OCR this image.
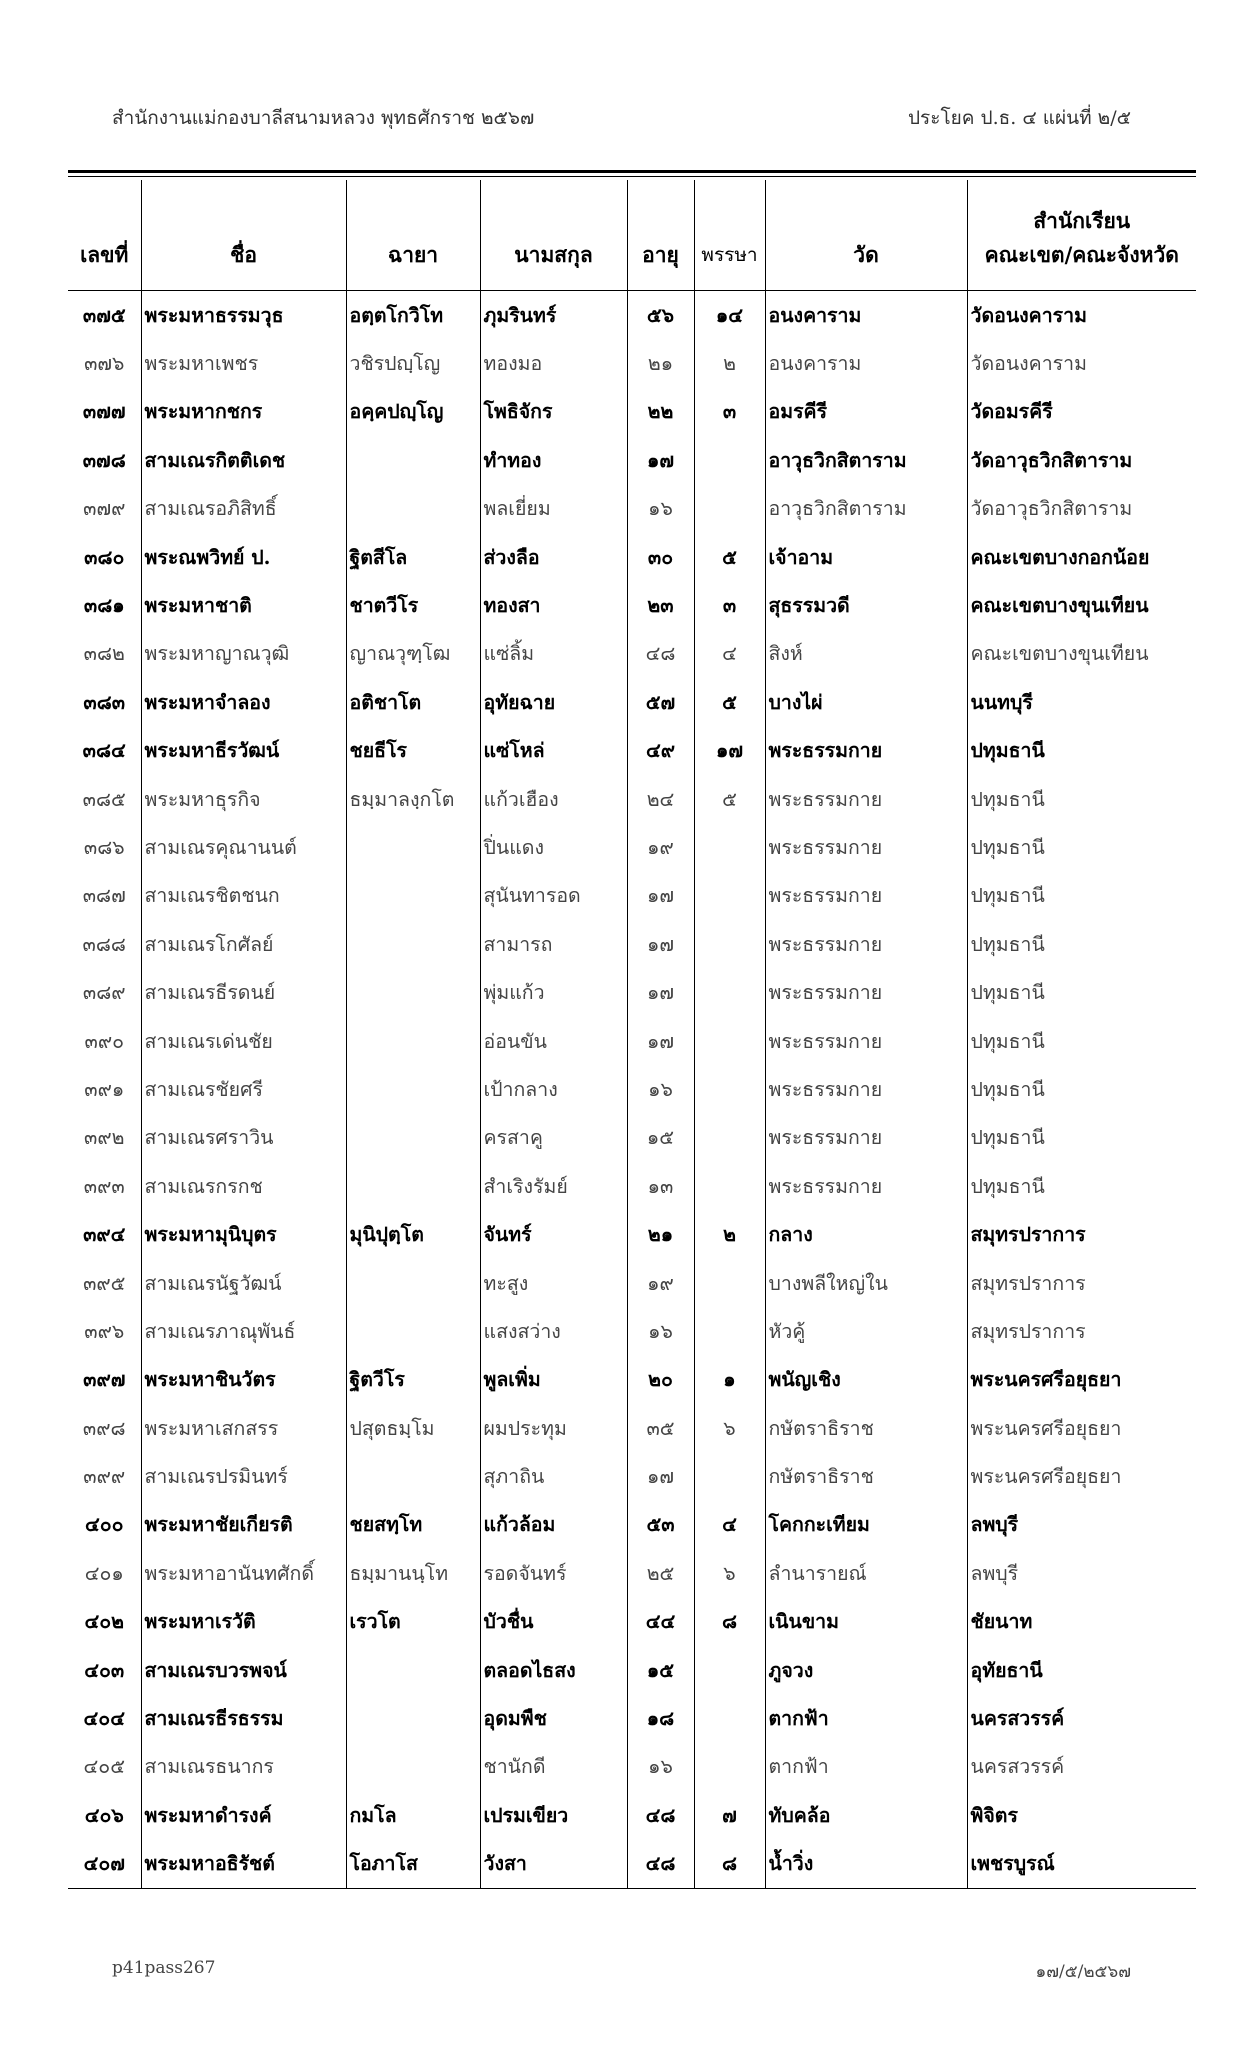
สำนักงานแม่กองบาลีสนามหลวง พุทธศักราช ๒๕๖๗	ประโยค ป.ธ. ๔ แผ่นที่ ๒/๕
เลขที่	ชื่อ	ฉายา	นามสกุล	อายุ	พรรษา	วัด	สำนักเรียน
คณะเขต/คณะจังหวัด

๓๗๕	พระมหาธรรมวุธ	อตฺตโกวิโท	ภุมรินทร์	๕๖	๑๔	อนงคาราม	วัดอนงคาราม
๓๗๖	พระมหาเพชร	วชิรปญฺโญ	ทองมอ	๒๑	๒	อนงคาราม	วัดอนงคาราม
๓๗๗	พระมหากชกร	อคฺคปญฺโญ	โพธิจักร	๒๒	๓	อมรคีรี	วัดอมรคีรี
๓๗๘	สามเณรกิตติเดช		ทำทอง	๑๗		อาวุธวิกสิตาราม	วัดอาวุธวิกสิตาราม
๓๗๙	สามเณรอภิสิทธิ์		พลเยี่ยม	๑๖		อาวุธวิกสิตาราม	วัดอาวุธวิกสิตาราม
๓๘๐	พระณพวิทย์ ป.	ฐิตสีโล	ส่วงลือ	๓๐	๕	เจ้าอาม	คณะเขตบางกอกน้อย
๓๘๑	พระมหาชาติ	ชาตวีโร	ทองสา	๒๓	๓	สุธรรมวดี	คณะเขตบางขุนเทียน
๓๘๒	พระมหาญาณวุฒิ	ญาณวุฑฺโฒ	แซ่ลิ้ม	๔๘	๔	สิงห์	คณะเขตบางขุนเทียน
๓๘๓	พระมหาจำลอง	อติชาโต	อุทัยฉาย	๕๗	๕	บางไผ่	นนทบุรี
๓๘๔	พระมหาธีรวัฒน์	ชยธีโร	แซ่โหล่	๔๙	๑๗	พระธรรมกาย	ปทุมธานี
๓๘๕	พระมหาธุรกิจ	ธมฺมาลงฺกโต	แก้วเฮือง	๒๔	๕	พระธรรมกาย	ปทุมธานี
๓๘๖	สามเณรคุณานนต์		ปิ่นแดง	๑๙		พระธรรมกาย	ปทุมธานี
๓๘๗	สามเณรชิตชนก		สุนันทารอด	๑๗		พระธรรมกาย	ปทุมธานี
๓๘๘	สามเณรโกศัลย์		สามารถ	๑๗		พระธรรมกาย	ปทุมธานี
๓๘๙	สามเณรธีรดนย์		พุ่มแก้ว	๑๗		พระธรรมกาย	ปทุมธานี
๓๙๐	สามเณรเด่นชัย		อ่อนขัน	๑๗		พระธรรมกาย	ปทุมธานี
๓๙๑	สามเณรชัยศรี		เป้ากลาง	๑๖		พระธรรมกาย	ปทุมธานี
๓๙๒	สามเณรศราวิน		ครสาคู	๑๕		พระธรรมกาย	ปทุมธานี
๓๙๓	สามเณรกรกช		สำเริงรัมย์	๑๓		พระธรรมกาย	ปทุมธานี
๓๙๔	พระมหามุนิบุตร	มุนิปุตฺโต	จันทร์	๒๑	๒	กลาง	สมุทรปราการ
๓๙๕	สามเณรนัฐวัฒน์		ทะสูง	๑๙		บางพลีใหญ่ใน	สมุทรปราการ
๓๙๖	สามเณรภาณุพันธ์		แสงสว่าง	๑๖		หัวคู้	สมุทรปราการ
๓๙๗	พระมหาชินวัตร	ฐิตวีโร	พูลเพิ่ม	๒๐	๑	พนัญเชิง	พระนครศรีอยุธยา
๓๙๘	พระมหาเสกสรร	ปสุตธมฺโม	ผมประทุม	๓๕	๖	กษัตราธิราช	พระนครศรีอยุธยา
๓๙๙	สามเณรปรมินทร์		สุภาถิน	๑๗		กษัตราธิราช	พระนครศรีอยุธยา
๔๐๐	พระมหาชัยเกียรติ	ชยสทฺโท	แก้วล้อม	๕๓	๔	โคกกะเทียม	ลพบุรี
๔๐๑	พระมหาอานันทศักดิ์	ธมฺมานนฺโท	รอดจันทร์	๒๕	๖	ลำนารายณ์	ลพบุรี
๔๐๒	พระมหาเรวัติ	เรวโต	บัวชื่น	๔๔	๘	เนินขาม	ชัยนาท
๔๐๓	สามเณรบวรพจน์		ตลอดไธสง	๑๕		ภูจวง	อุทัยธานี
๔๐๔	สามเณรธีรธรรม		อุดมพืช	๑๘		ตากฟ้า	นครสวรรค์
๔๐๕	สามเณรธนากร		ชานักดี	๑๖		ตากฟ้า	นครสวรรค์
๔๐๖	พระมหาดำรงค์	กมโล	เปรมเขียว	๔๘	๗	ทับคล้อ	พิจิตร
๔๐๗	พระมหาอธิรัชต์	โอภาโส	วังสา	๔๘	๘	น้ำวิ่ง	เพชรบูรณ์
p41pass267	๑๗/๕/๒๕๖๗
